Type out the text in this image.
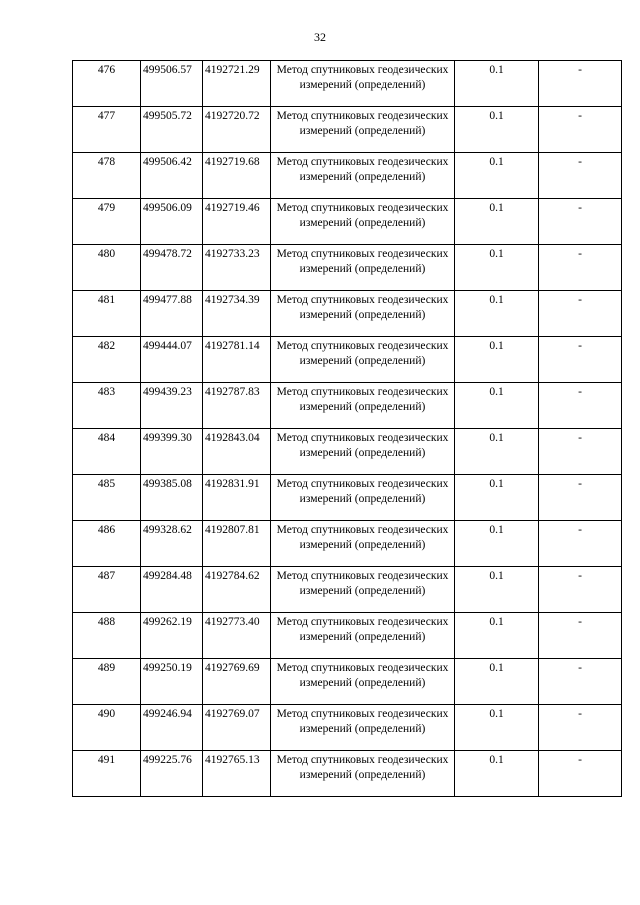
32
476	499506.57	4192721.29	Метод спутниковых геодезических измерений (определений)	0.1	-
477	499505.72	4192720.72	Метод спутниковых геодезических измерений (определений)	0.1	-
478	499506.42	4192719.68	Метод спутниковых геодезических измерений (определений)	0.1	-
479	499506.09	4192719.46	Метод спутниковых геодезических измерений (определений)	0.1	-
480	499478.72	4192733.23	Метод спутниковых геодезических измерений (определений)	0.1	-
481	499477.88	4192734.39	Метод спутниковых геодезических измерений (определений)	0.1	-
482	499444.07	4192781.14	Метод спутниковых геодезических измерений (определений)	0.1	-
483	499439.23	4192787.83	Метод спутниковых геодезических измерений (определений)	0.1	-
484	499399.30	4192843.04	Метод спутниковых геодезических измерений (определений)	0.1	-
485	499385.08	4192831.91	Метод спутниковых геодезических измерений (определений)	0.1	-
486	499328.62	4192807.81	Метод спутниковых геодезических измерений (определений)	0.1	-
487	499284.48	4192784.62	Метод спутниковых геодезических измерений (определений)	0.1	-
488	499262.19	4192773.40	Метод спутниковых геодезических измерений (определений)	0.1	-
489	499250.19	4192769.69	Метод спутниковых геодезических измерений (определений)	0.1	-
490	499246.94	4192769.07	Метод спутниковых геодезических измерений (определений)	0.1	-
491	499225.76	4192765.13	Метод спутниковых геодезических измерений (определений)	0.1	-
